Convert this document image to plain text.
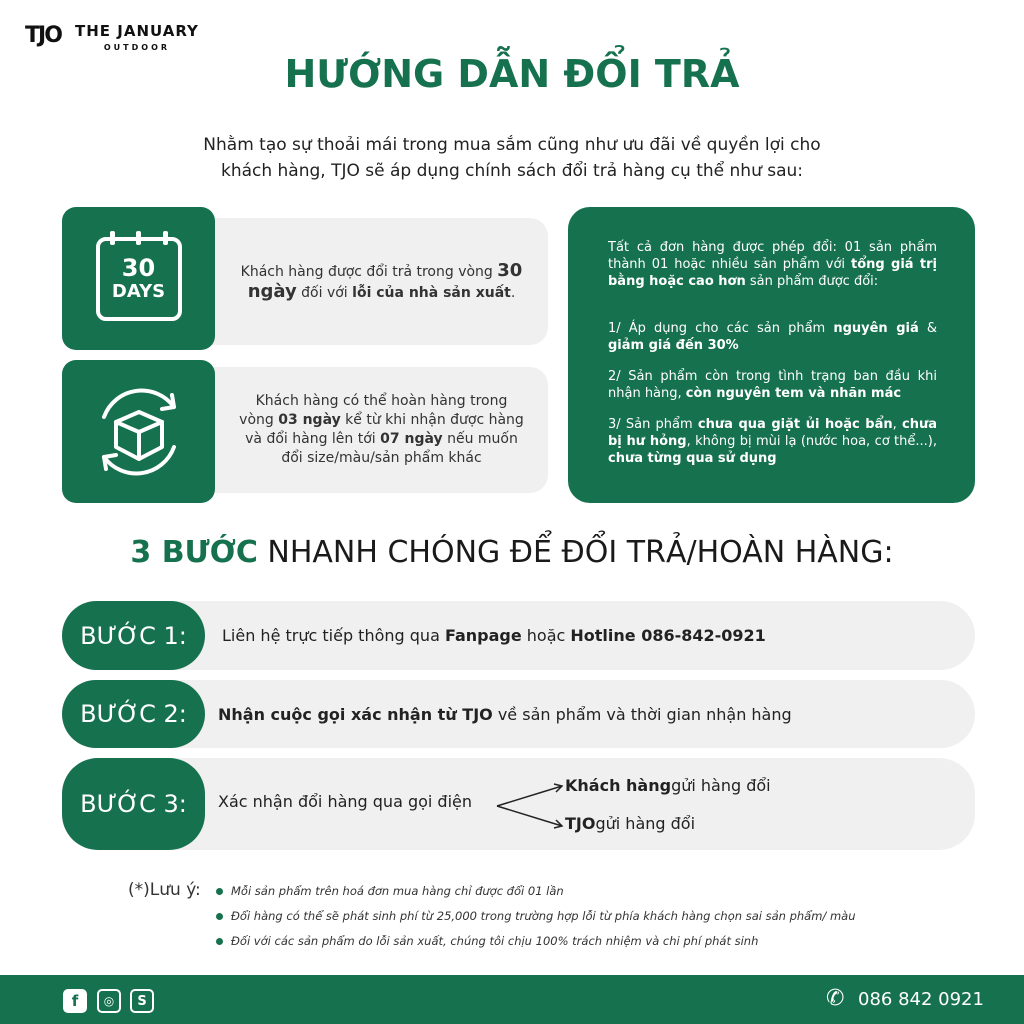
TJO THE JANUARY
OUTDOOR
HƯỚNG DẪN ĐỔI TRẢ
Nhằm tạo sự thoải mái trong mua sắm cũng như ưu đãi về quyền lợi cho
khách hàng, TJO sẽ áp dụng chính sách đổi trả hàng cụ thể như sau:
Khách hàng được đổi trả trong vòng 30 ngày đối với lỗi của nhà sản xuất.
30
DAYS
Khách hàng có thể hoàn hàng trong vòng 03 ngày kể từ khi nhận được hàng và đổi hàng lên tới 07 ngày nếu muốn đổi size/màu/sản phẩm khác

Tất cả đơn hàng được phép đổi: 01 sản phẩm thành 01 hoặc nhiều sản phẩm với tổng giá trị bằng hoặc cao hơn sản phẩm được đổi:

1/ Áp dụng cho các sản phẩm nguyên giá & giảm giá đến 30%

2/ Sản phẩm còn trong tình trạng ban đầu khi nhận hàng, còn nguyên tem và nhãn mác

3/ Sản phẩm chưa qua giặt ủi hoặc bẩn, chưa bị hư hỏng, không bị mùi lạ (nước hoa, cơ thể...), chưa từng qua sử dụng

3 BƯỚC NHANH CHÓNG ĐỂ ĐỔI TRẢ/HOÀN HÀNG:
Liên hệ trực tiếp thông qua Fanpage hoặc Hotline 086-842-0921
BƯỚC 1:
Nhận cuộc gọi xác nhận từ TJO về sản phẩm và thời gian nhận hàng
BƯỚC 2:
Xác nhận đổi hàng qua gọi điện
Khách hàng gửi hàng đổi
TJO gửi hàng đổi
BƯỚC 3:
(*)Lưu ý:	Mỗi sản phẩm trên hoá đơn mua hàng chỉ được đổi 01 lần
Đổi hàng có thể sẽ phát sinh phí từ 25,000 trong trường hợp lỗi từ phía khách hàng chọn sai sản phẩm/ màu
Đối với các sản phẩm do lỗi sản xuất, chúng tôi chịu 100% trách nhiệm và chi phí phát sinh
f	◎	S	✆ 086 842 0921
